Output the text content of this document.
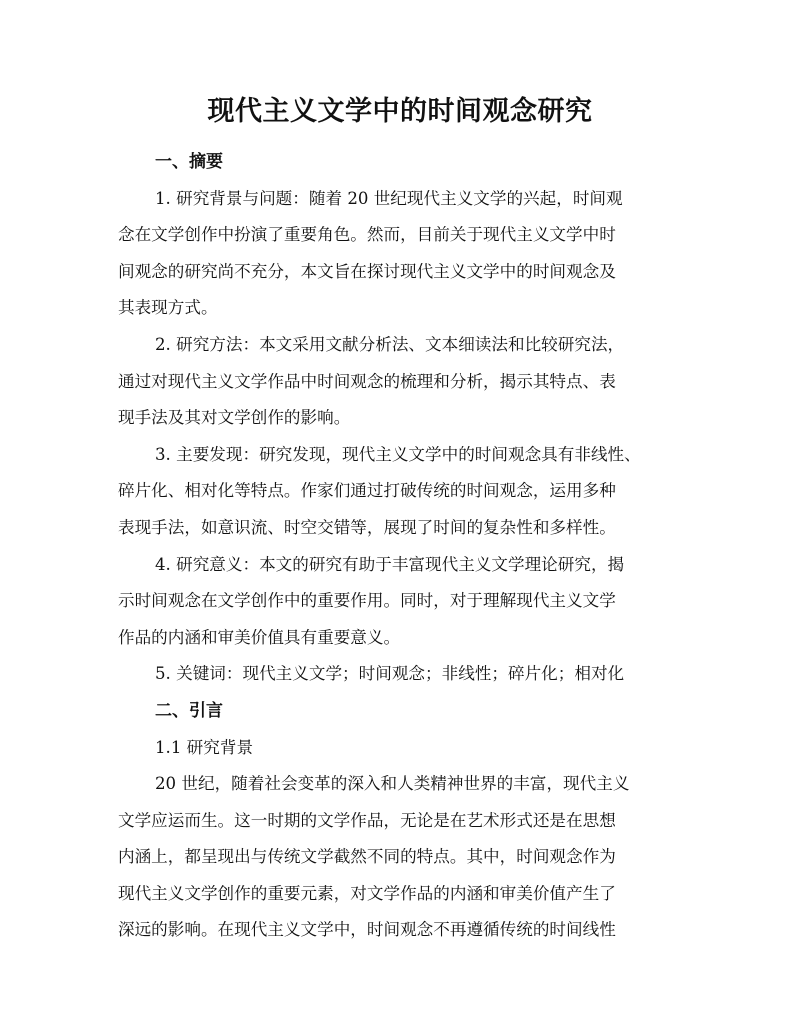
现代主义文学中的时间观念研究
一、摘要
1. 研究背景与问题：随着 20 世纪现代主义文学的兴起，时间观
念在文学创作中扮演了重要角色。然而，目前关于现代主义文学中时
间观念的研究尚不充分，本文旨在探讨现代主义文学中的时间观念及
其表现方式。
2. 研究方法：本文采用文献分析法、文本细读法和比较研究法，
通过对现代主义文学作品中时间观念的梳理和分析，揭示其特点、表
现手法及其对文学创作的影响。
3. 主要发现：研究发现，现代主义文学中的时间观念具有非线性、
碎片化、相对化等特点。作家们通过打破传统的时间观念，运用多种
表现手法，如意识流、时空交错等，展现了时间的复杂性和多样性。
4. 研究意义：本文的研究有助于丰富现代主义文学理论研究，揭
示时间观念在文学创作中的重要作用。同时，对于理解现代主义文学
作品的内涵和审美价值具有重要意义。
5. 关键词：现代主义文学；时间观念；非线性；碎片化；相对化
二、引言
1.1 研究背景
20 世纪，随着社会变革的深入和人类精神世界的丰富，现代主义
文学应运而生。这一时期的文学作品，无论是在艺术形式还是在思想
内涵上，都呈现出与传统文学截然不同的特点。其中，时间观念作为
现代主义文学创作的重要元素，对文学作品的内涵和审美价值产生了
深远的影响。在现代主义文学中，时间观念不再遵循传统的时间线性
